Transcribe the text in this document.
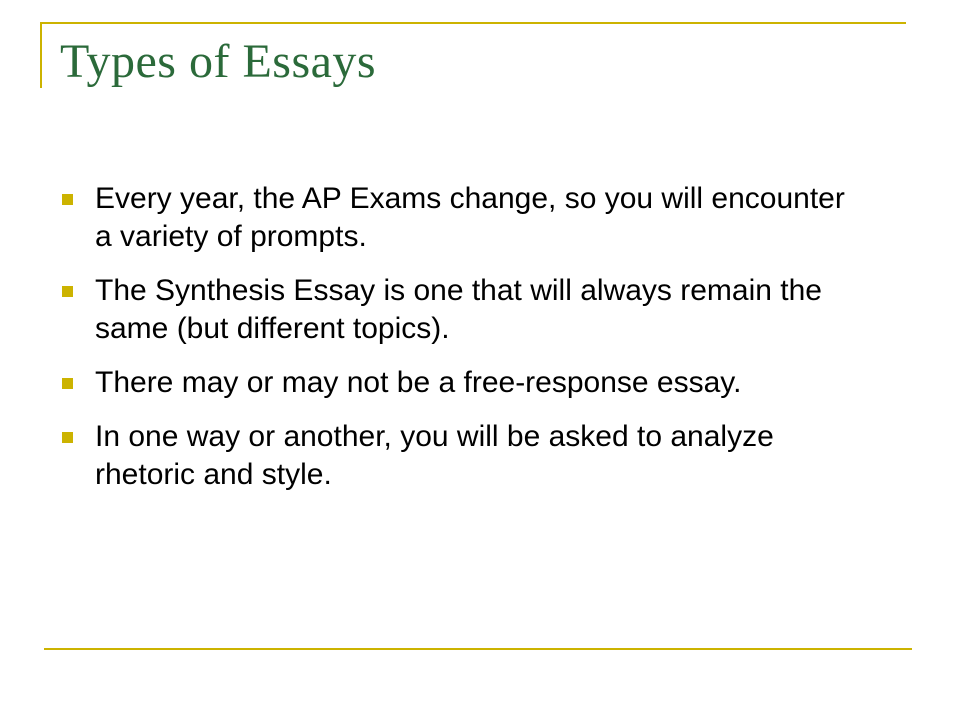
Types of Essays
Every year, the AP Exams change, so you will encounter a variety of prompts.
The Synthesis Essay is one that will always remain the same (but different topics).
There may or may not be a free-response essay.
In one way or another, you will be asked to analyze rhetoric and style.
